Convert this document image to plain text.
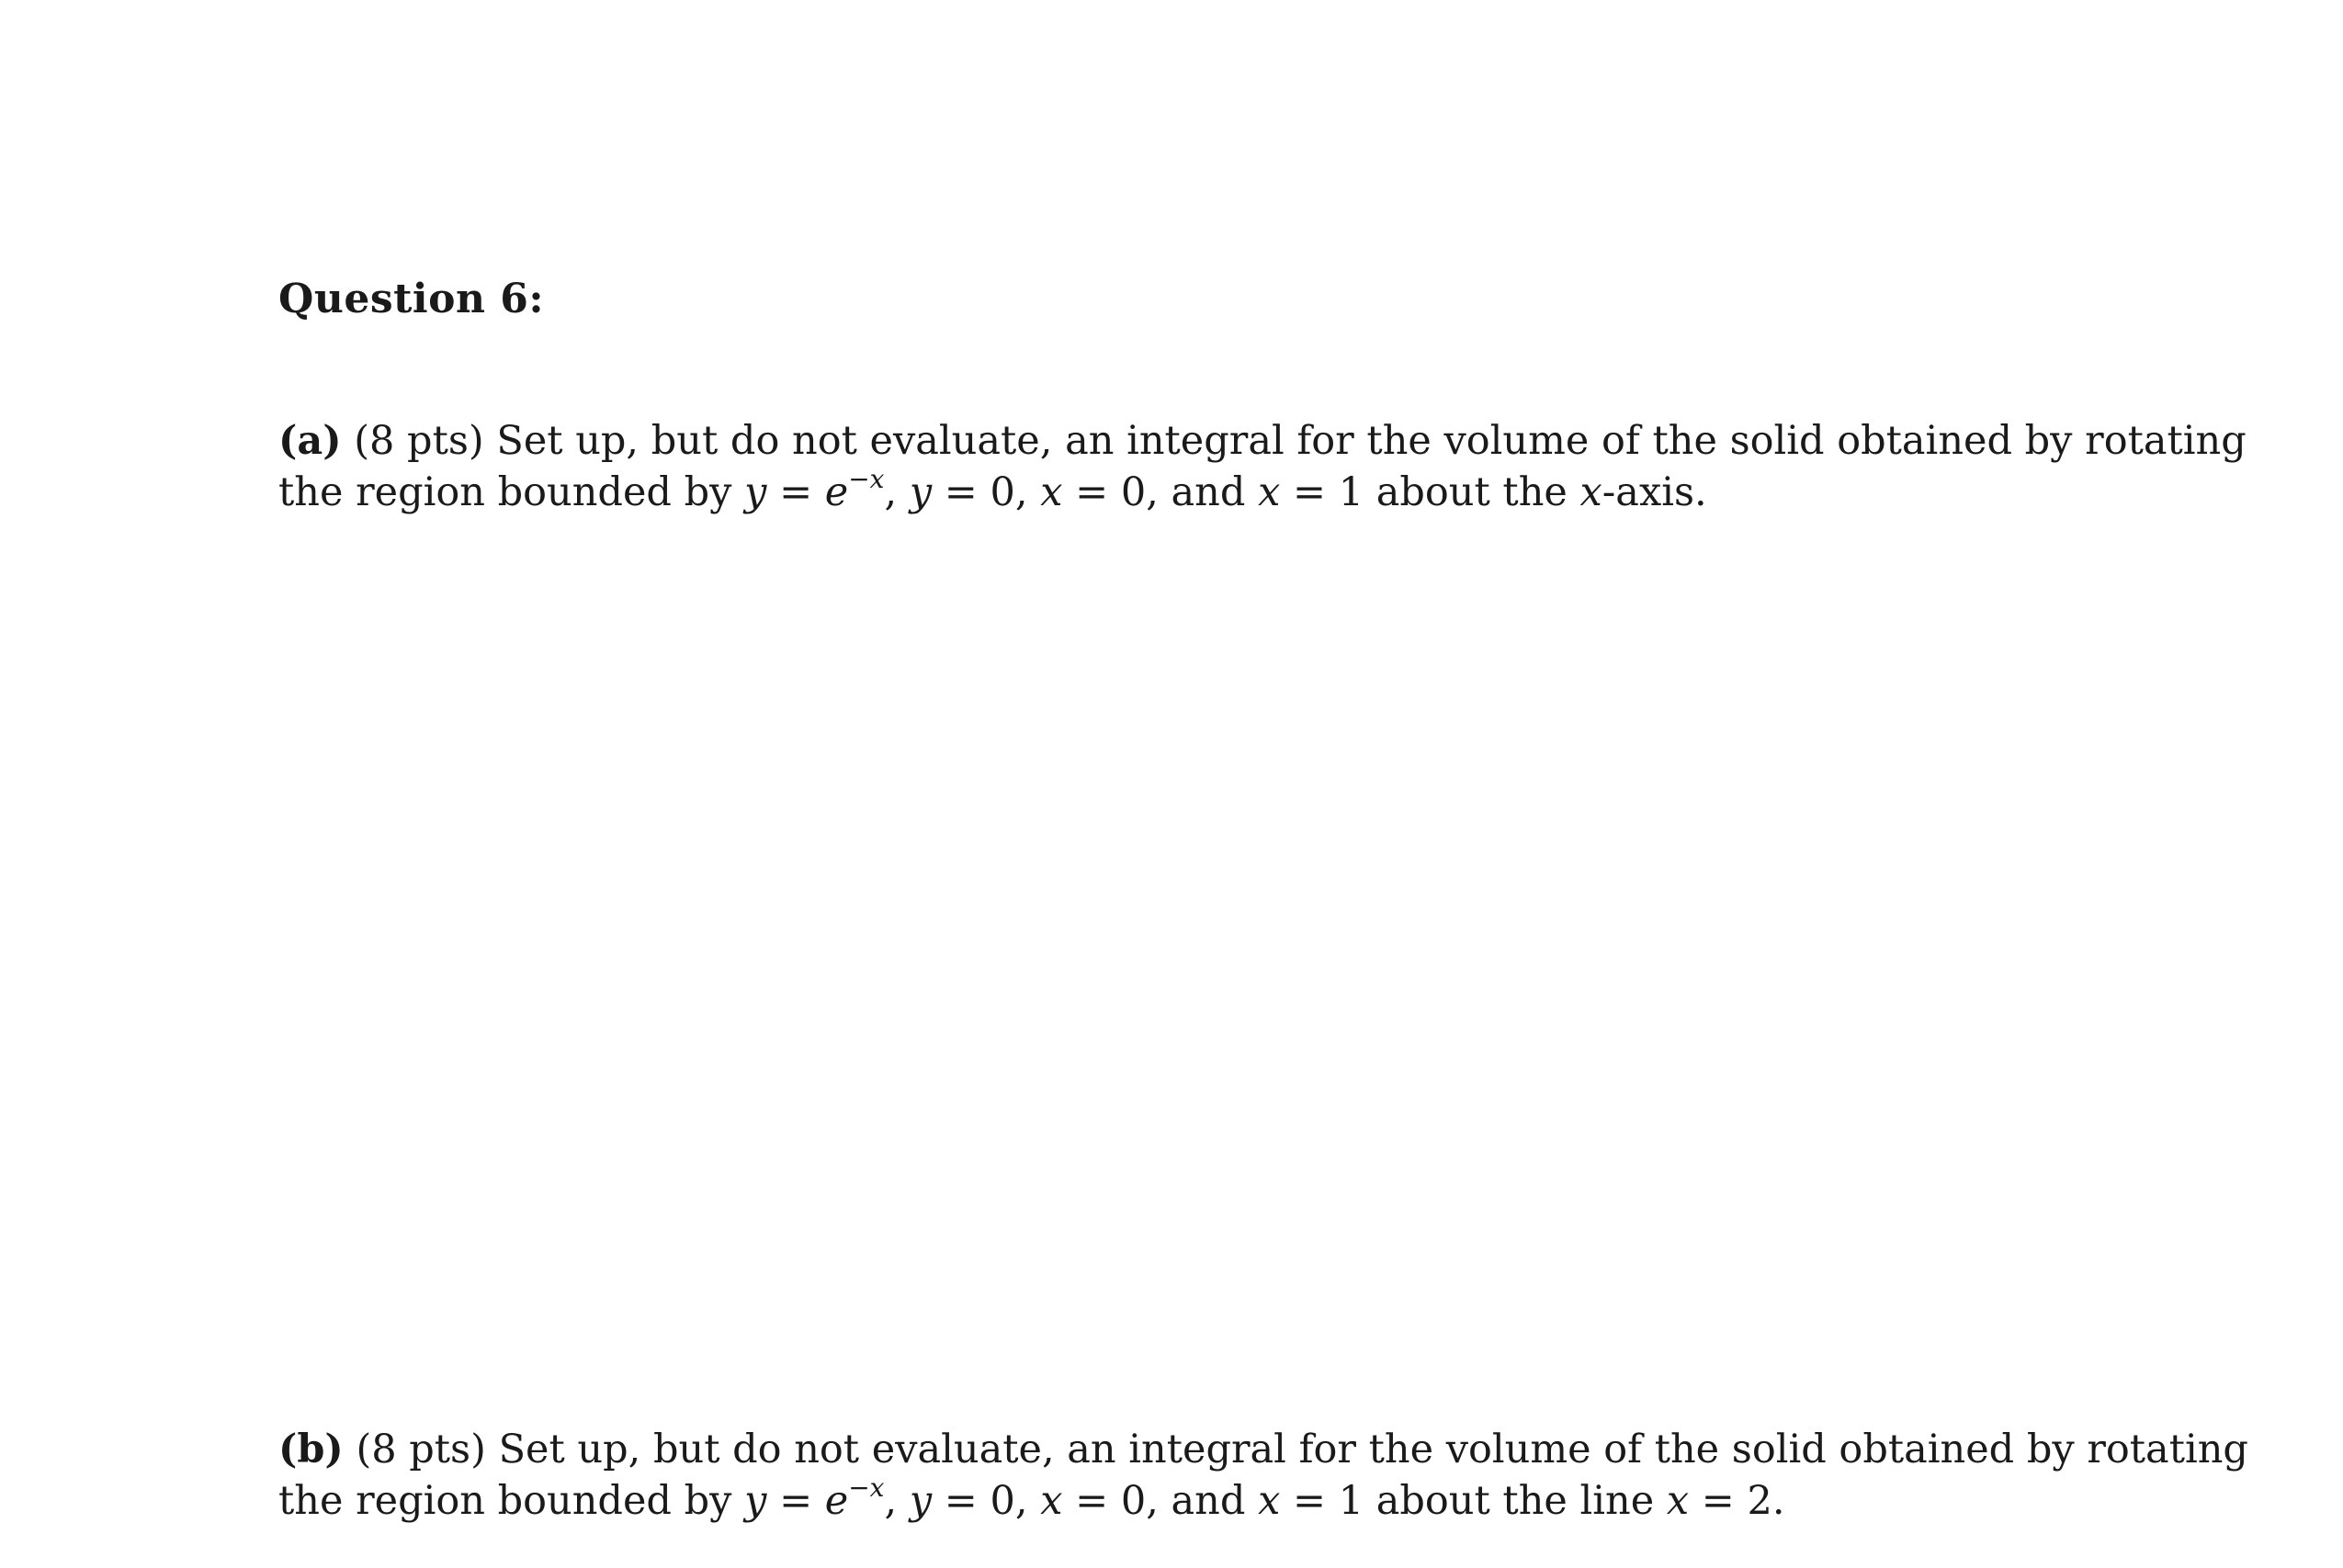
Question 6:
(a) (8 pts) Set up, but do not evaluate, an integral for the volume of the solid obtained by rotating
the region bounded by $y = e^{-x}$, y = 0, x = 0, and x = 1 about the x-axis.
(b) (8 pts) Set up, but do not evaluate, an integral for the volume of the solid obtained by rotating
the region bounded by $y = e^{-x}$, y = 0, x = 0, and x = 1 about the line x = 2.
